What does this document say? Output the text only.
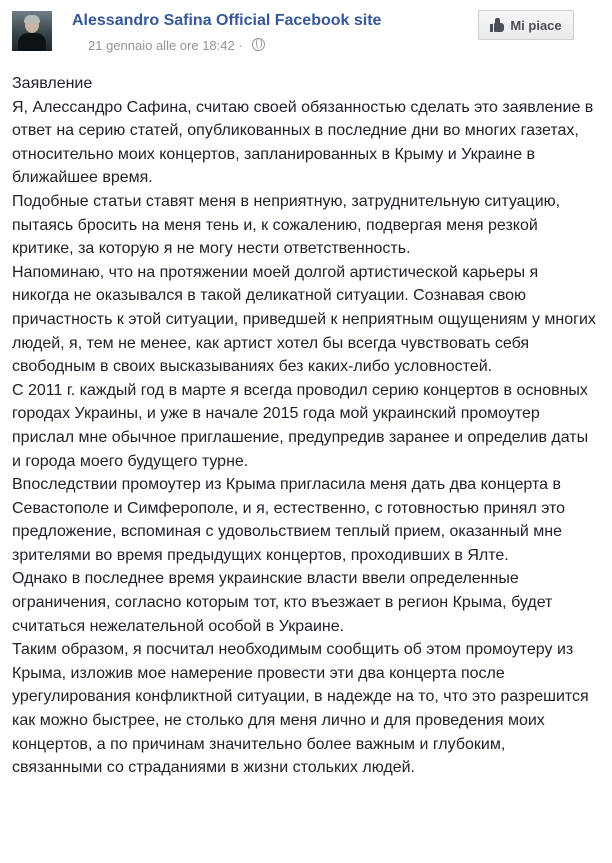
Alessandro Safina Official Facebook site
21 gennaio alle ore 18:42 ·
Mi piace

Заявление

Я, Алессандро Сафина, считаю своей обязанностью сделать это заявление в ответ на серию статей, опубликованных в последние дни во многих газетах, относительно моих концертов, запланированных в Крыму и Украине в ближайшее время.

Подобные статьи ставят меня в неприятную, затруднительную ситуацию, пытаясь бросить на меня тень и, к сожалению, подвергая меня резкой критике, за которую я не могу нести ответственность.

Напоминаю, что на протяжении моей долгой артистической карьеры я никогда не оказывался в такой деликатной ситуации. Сознавая свою причастность к этой ситуации, приведшей к неприятным ощущениям у многих людей, я, тем не менее, как артист хотел бы всегда чувствовать себя свободным в своих высказываниях без каких-либо условностей.

С 2011 г. каждый год в марте я всегда проводил серию концертов в основных городах Украины, и уже в начале 2015 года мой украинский промоутер прислал мне обычное приглашение, предупредив заранее и определив даты и города моего будущего турне.

Впоследствии промоутер из Крыма пригласила меня дать два концерта в Севастополе и Симферополе, и я, естественно, с готовностью принял это предложение, вспоминая с удовольствием теплый прием, оказанный мне зрителями во время предыдущих концертов, проходивших в Ялте.

Однако в последнее время украинские власти ввели определенные ограничения, согласно которым тот, кто въезжает в регион Крыма, будет считаться нежелательной особой в Украине.

Таким образом, я посчитал необходимым сообщить об этом промоутеру из Крыма, изложив мое намерение провести эти два концерта после урегулирования конфликтной ситуации, в надежде на то, что это разрешится как можно быстрее, не столько для меня лично и для проведения моих концертов, а по причинам значительно более важным и глубоким, связанными со страданиями в жизни стольких людей.
